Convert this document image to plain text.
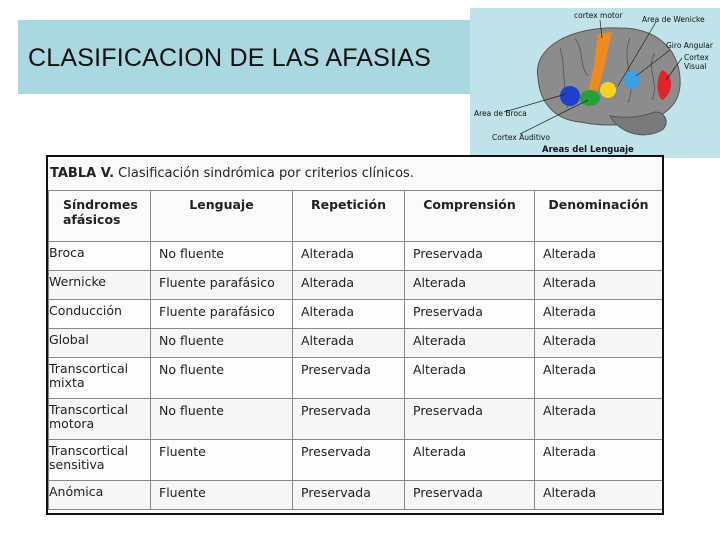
CLASIFICACION DE LAS AFASIAS
cortex motor	Area de Wenicke
Giro Angular
Cortex
Visual
Area de Broca
Cortex Auditivo
Areas del Lenguaje
TABLA V. Clasificación sindrómica por criterios clínicos.
Síndromes afásicos	Lenguaje	Repetición	Comprensión	Denominación
Broca	No fluente	Alterada	Preservada	Alterada
Wernicke	Fluente parafásico	Alterada	Alterada	Alterada
Conducción	Fluente parafásico	Alterada	Preservada	Alterada
Global	No fluente	Alterada	Alterada	Alterada
Transcortical
mixta	No fluente	Preservada	Alterada	Alterada
Transcortical
motora	No fluente	Preservada	Preservada	Alterada
Transcortical
sensitiva	Fluente	Preservada	Alterada	Alterada
Anómica	Fluente	Preservada	Preservada	Alterada
